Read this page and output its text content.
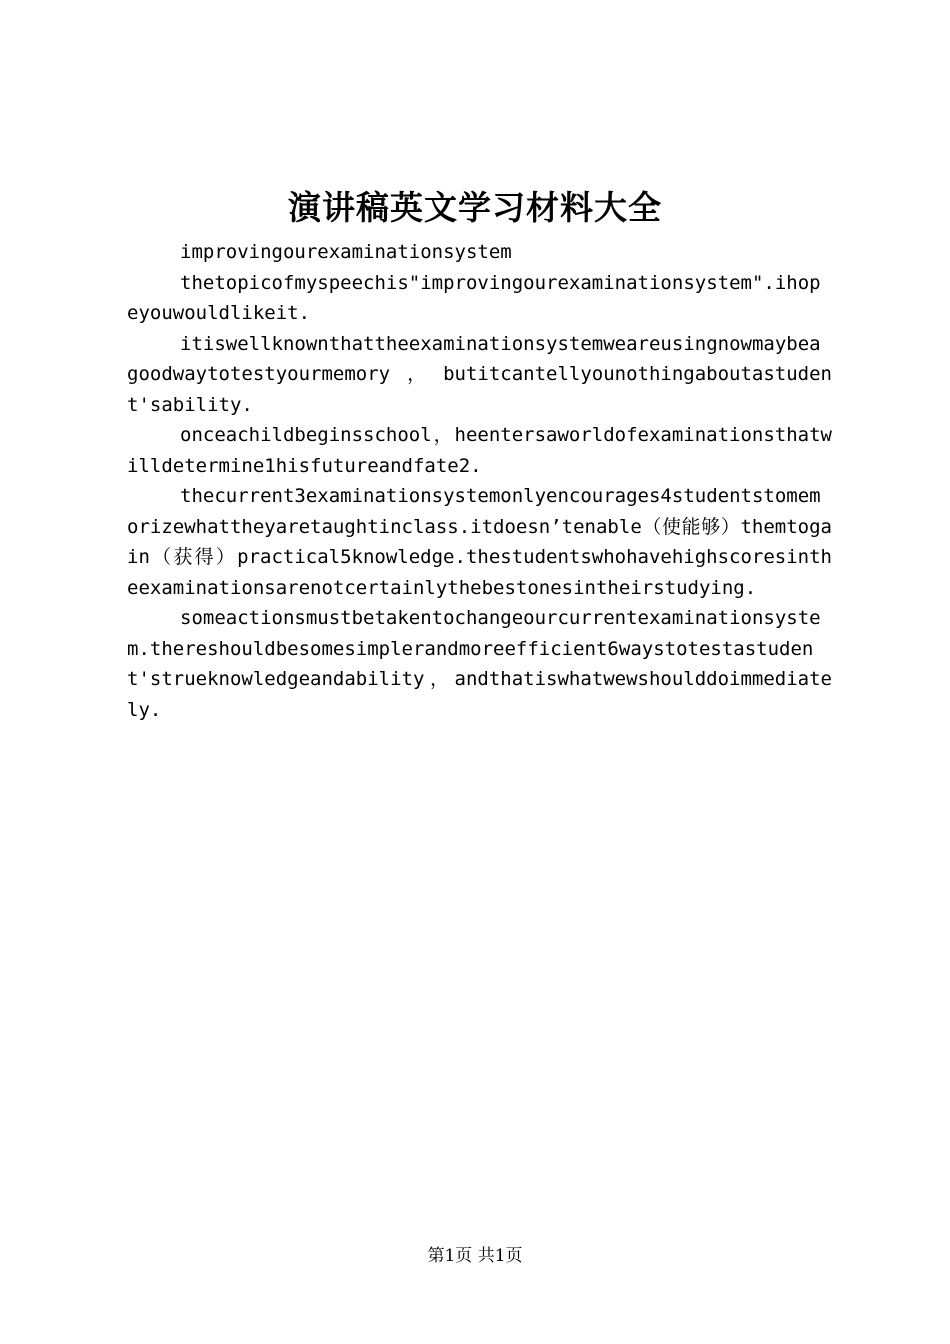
演讲稿英文学习材料大全

improvingourexaminationsystem

thetopicofmyspeechis"improvingourexaminationsystem".ihopeyouwouldlikeit.

itiswellknownthattheexaminationsystemweareusingnowmaybeagoodwaytotestyourmemory，butitcantellyounothingaboutastudent'sability.

onceachildbeginsschool，heentersaworldofexaminationsthatwilldetermine1hisfutureandfate2.

thecurrent3examinationsystemonlyencourages4studentstomemorizewhattheyaretaughtinclass.itdoesn’tenable（使能够）themtogain（获得）practical5knowledge.thestudentswhohavehighscoresintheexaminationsarenotcertainlythebestonesintheirstudying.

someactionsmustbetakentochangeourcurrentexaminationsystem.thereshouldbesomesimplerandmoreefficient6waystotestastudent'strueknowledgeandability，andthatiswhatwewshoulddoimmediately.

第1页 共1页
